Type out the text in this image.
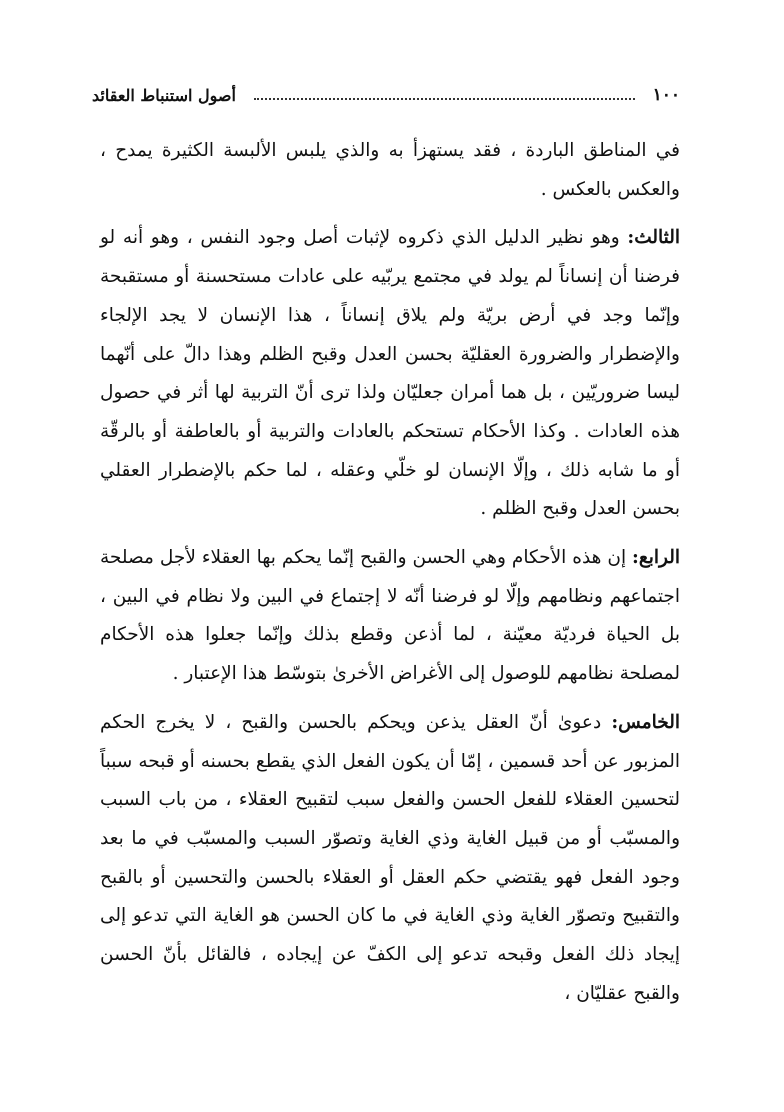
١٠٠
أصول استنباط العقائد

في المناطق الباردة ، فقد يستهزأ به والذي يلبس الألبسة الكثيرة يمدح ، والعكس بالعكس .

الثالث: وهو نظير الدليل الذي ذكروه لإثبات أصل وجود النفس ، وهو أنه لو فرضنا أن إنساناً لم يولد في مجتمع يربّيه على عادات مستحسنة أو مستقبحة وإنّما وجد في أرض بريّة ولم يلاق إنساناً ، هذا الإنسان لا يجد الإلجاء والإضطرار والضرورة العقليّة بحسن العدل وقبح الظلم وهذا دالّ على أنّهما ليسا ضروريّين ، بل هما أمران جعليّان ولذا ترى أنّ التربية لها أثر في حصول هذه العادات . وكذا الأحكام تستحكم بالعادات والتربية أو بالعاطفة أو بالرقّة أو ما شابه ذلك ، وإلّا الإنسان لو خلّي وعقله ، لما حكم بالإضطرار العقلي بحسن العدل وقبح الظلم .

الرابع: إن هذه الأحكام وهي الحسن والقبح إنّما يحكم بها العقلاء لأجل مصلحة اجتماعهم ونظامهم وإلّا لو فرضنا أنّه لا إجتماع في البين ولا نظام في البين ، بل الحياة فرديّة معيّنة ، لما أذعن وقطع بذلك وإنّما جعلوا هذه الأحكام لمصلحة نظامهم للوصول إلى الأغراض الأخرىٰ بتوسّط هذا الإعتبار .

الخامس: دعوىٰ أنّ العقل يذعن ويحكم بالحسن والقبح ، لا يخرج الحكم المزبور عن أحد قسمين ، إمّا أن يكون الفعل الذي يقطع بحسنه أو قبحه سبباً لتحسين العقلاء للفعل الحسن والفعل سبب لتقبيح العقلاء ، من باب السبب والمسبّب أو من قبيل الغاية وذي الغاية وتصوّر السبب والمسبّب في ما بعد وجود الفعل فهو يقتضي حكم العقل أو العقلاء بالحسن والتحسين أو بالقبح والتقبيح وتصوّر الغاية وذي الغاية في ما كان الحسن هو الغاية التي تدعو إلى إيجاد ذلك الفعل وقبحه تدعو إلى الكفّ عن إيجاده ، فالقائل بأنّ الحسن والقبح عقليّان ،
